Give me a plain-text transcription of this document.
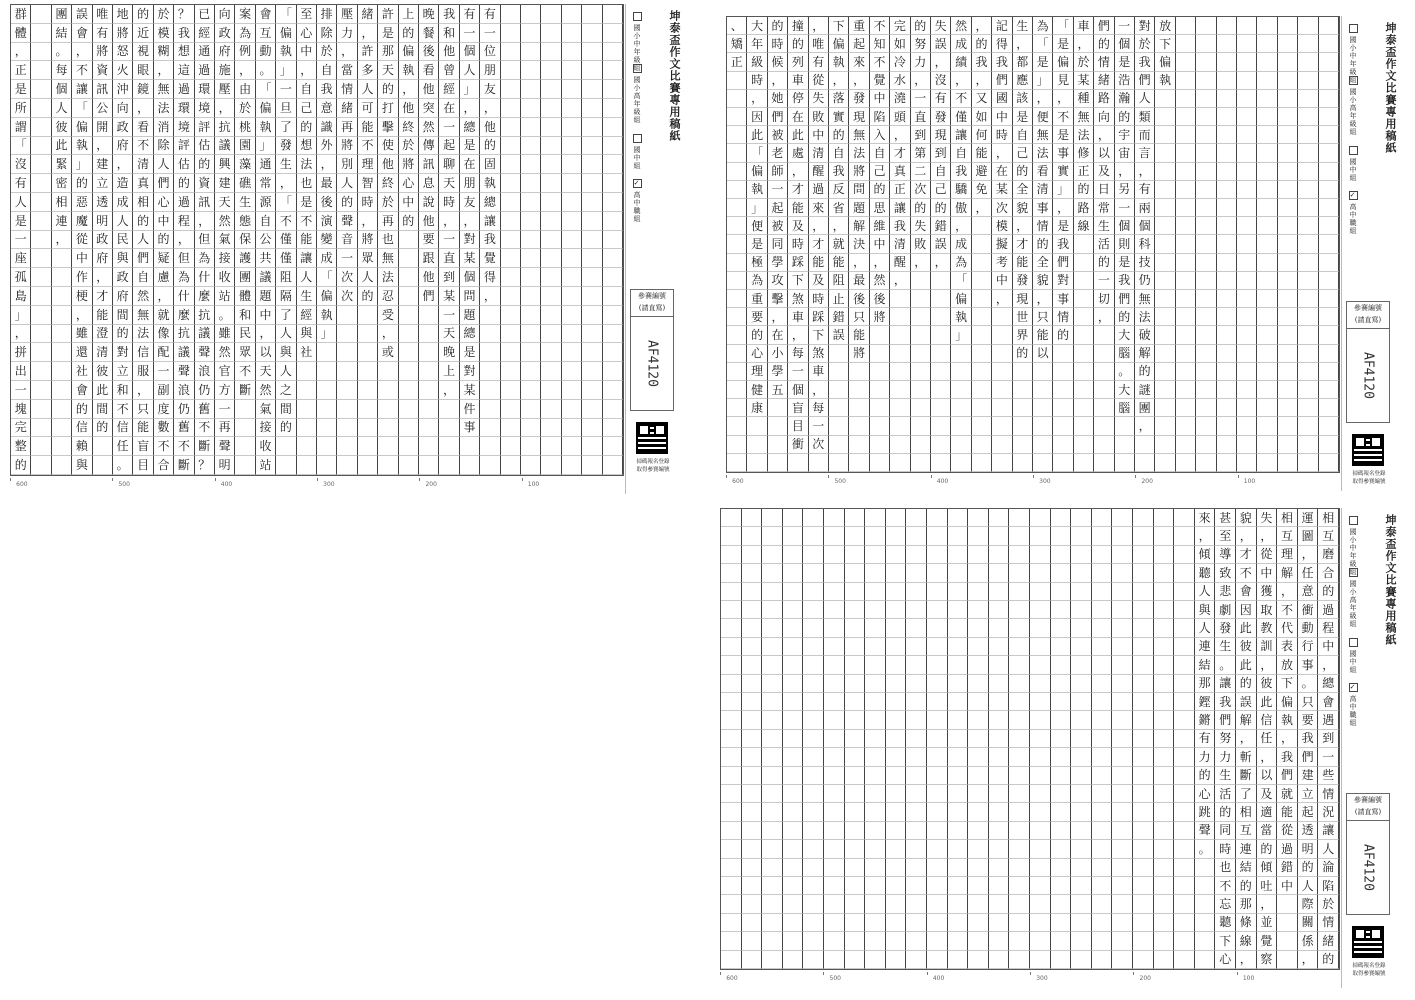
群	團 誤 唯 地 的 於 ？ 已 向 案 會 「 至 排 壓 緒 許 上 晚 我 有 有
體	結 會 有 將 近 模 我 經 政 為 互 偏 心 除 力 ， 是 的 餐 和 一 一
，	。 ， 將 怒 視 糊 想 通 府 例 動 執 中 於 ， 許 那 偏 後 他 個 位
正	每 不 資 火 眼 ， 這 過 施 ， 。 」 ， 自 當 多 天 執 看 曾 人 朋
是	個 讓 訊 沖 鏡 無 過 環 壓 由 「 一 自 我 情 人 的 ， 他 經 」 友
所	人 「 公 向 ， 法 環 境 ， 於 偏 旦 己 意 緒 可 打 他 突 在 ， ，
謂	彼 偏 開 政 看 消 境 評 抗 桃 執 了 的 識 再 能 擊 終 然 一 總 他
「	此 執 ， 府 不 除 評 估 議 園 」 發 想 外 將 不 使 於 傳 起 是 的
沒	緊 」 建 ， 清 人 估 的 興 藻 通 生 法 ， 別 理 他 將 訊 聊 在 固
有	密 的 立 造 真 們 的 資 建 礁 常 ， 也 最 人 智 終 心 息 天 朋 執
人	相 惡 透 成 相 心 過 訊 天 生 源 「 是 後 的 時 於 中 說 時 友 總
是	連 魔 明 人 的 中 程 ， 然 態 自 不 不 演 聲 ， 再 的 他 ， ， 讓
一	， 從 政 民 人 的 ， 但 氣 保 公 僅 能 變 音 將 也	要 一 對 我
座	中 府 與 們 疑 但 為 接 護 共 僅 讓 成 一 眾 無	跟 直 某 覺
孤	作 ， 政 自 慮 為 什 收 團 議 阻 人 「 次 人 法	他 到 個 得
島	梗 才 府 然 ， 什 麼 站 體 題 隔 生 偏 次 的 忍	們 某 問 ，
」	， 能 間 無 就 麼 抗 。 和 中 了 經 執	受	一 題
，	雖 澄 的 法 像 抗 議 雖 民 ， 人 與 」	，	天 總
拼	還 清 對 信 配 議 聲 然 眾 以 與 社	或	晚 是
出	社 彼 立 服 一 聲 浪 官 不 天 人	上 對
一	會 此 和 ， 副 浪 仍 方 斷 然 之	， 某
塊	的 間 不 只 度 仍 舊 一	氣 間	件
完	信 的 信 能 數 舊 不 再	接 的	事
整	賴	任 盲 不 不 斷 聲	收
的	與	。 目 合 斷 ？ 明	站
600	500	400	300	200	100
坤泰盃作文比賽專用稿紙
國小中年級組
國小高年級組
國中組
✓高中職組
參賽編號
(請直寫)
AF4120
掃碼報名登錄
取得參賽編號
、 大 的 撞 ， 下 重 不 完 的 失 然 ， 記 生 為 「 車 們 一 對 放
矯 年 時 的 唯 偏 起 知 如 努 誤 成 的 得 ， 「 是 ， 的 個 於 下
正 級 候 列 有 執 來 不 冷 力 ， 績 我 我 都 是 偏 於 情 是 我 偏
時 ， 車 從 ， ， 覺 水 ， 沒 ， ， 們 應 」 見 某 緒 浩 們 執
， 她 停 失 落 發 中 澆 一 有 不 又 國 該 ， ， 種 路 瀚 人
因 們 在 敗 實 現 陷 頭 直 發 僅 如 中 是 便 不 無 向 的 類
此 被 此 中 的 無 入 ， 到 現 讓 何 時 自 無 是 法 ， 宇 而
「 老 處 清 自 法 自 才 第 到 自 能 ， 己 法 事 修 以 宙 言
偏 師 ， 醒 我 將 己 真 二 自 我 避 在 的 看 實 正 及 ， ，
執 一 才 過 反 問 的 正 次 己 驕 免 某 全 清 」 的 日 另 有
」 起 能 來 省 題 思 讓 的 的 傲 ， 次 貌 事 ， 路 常 一 兩
便 被 及 ， ， 解 維 我 失 錯 ，	模 ， 情 是 線 生 個 個
是 同 時 才 就 決 中 清 敗 誤 成	擬 才 的 我	活 則 科
極 學 踩 能 能 ， ， 醒 ， ， 為	考 能 全 們	的 是 技
為 攻 下 及 阻 最 然 ，	「	中 發 貌 對	一 我 仍
重 擊 煞 時 止 後 後	偏	， 現 ， 事	切 們 無
要 ， 車 踩 錯 只 將	執	世 只 情	， 的 法
的 在 ， 下 誤 能	」	界 能 的	大 破
心 小 每 煞	將	的 以	腦 解
理 學 一 車	。 的
健 五 個 ，	大 謎
康	盲 每	腦 團
目 一	，
衝 次
600	500	400	300	200	100
坤泰盃作文比賽專用稿紙
國小中年級組
國小高年級組
國中組
✓高中職組
參賽編號
(請直寫)
AF4120
掃碼報名登錄
取得參賽編號
來 甚 貌 失 相 運 相
， 至 ， ， 互 圖 互
傾 導 才 從 理 ， 磨
聽 致 不 中 解 任 合
人 悲 會 獲 ， 意 的
與 劇 因 取 不 衝 過
人 發 此 教 代 動 程
連 生 彼 訓 表 行 中
結 。 此 ， 放 事 ，
那 讓 的 彼 下 。 總
鏗 我 誤 此 偏 只 會
鏘 們 解 信 執 要 遇
有 努 ， 任 ， 我 到
力 力 斬 ， 我 們 一
的 生 斷 以 們 建 些
心 活 了 及 就 立 情
跳 的 相 適 能 起 況
聲 同 互 當 從 透 讓
。 時 連 的 過 明 人
也 結 傾 錯 的 淪
不 的 吐 中 人 陷
忘 那 ，	際 於
聽 條 並	關 情
下 線 覺	係 緒
心 ， 察	， 的
600	500	400	300	200	100
坤泰盃作文比賽專用稿紙
國小中年級組
國小高年級組
國中組
✓高中職組
參賽編號
(請直寫)
AF4120
掃碼報名登錄
取得參賽編號
